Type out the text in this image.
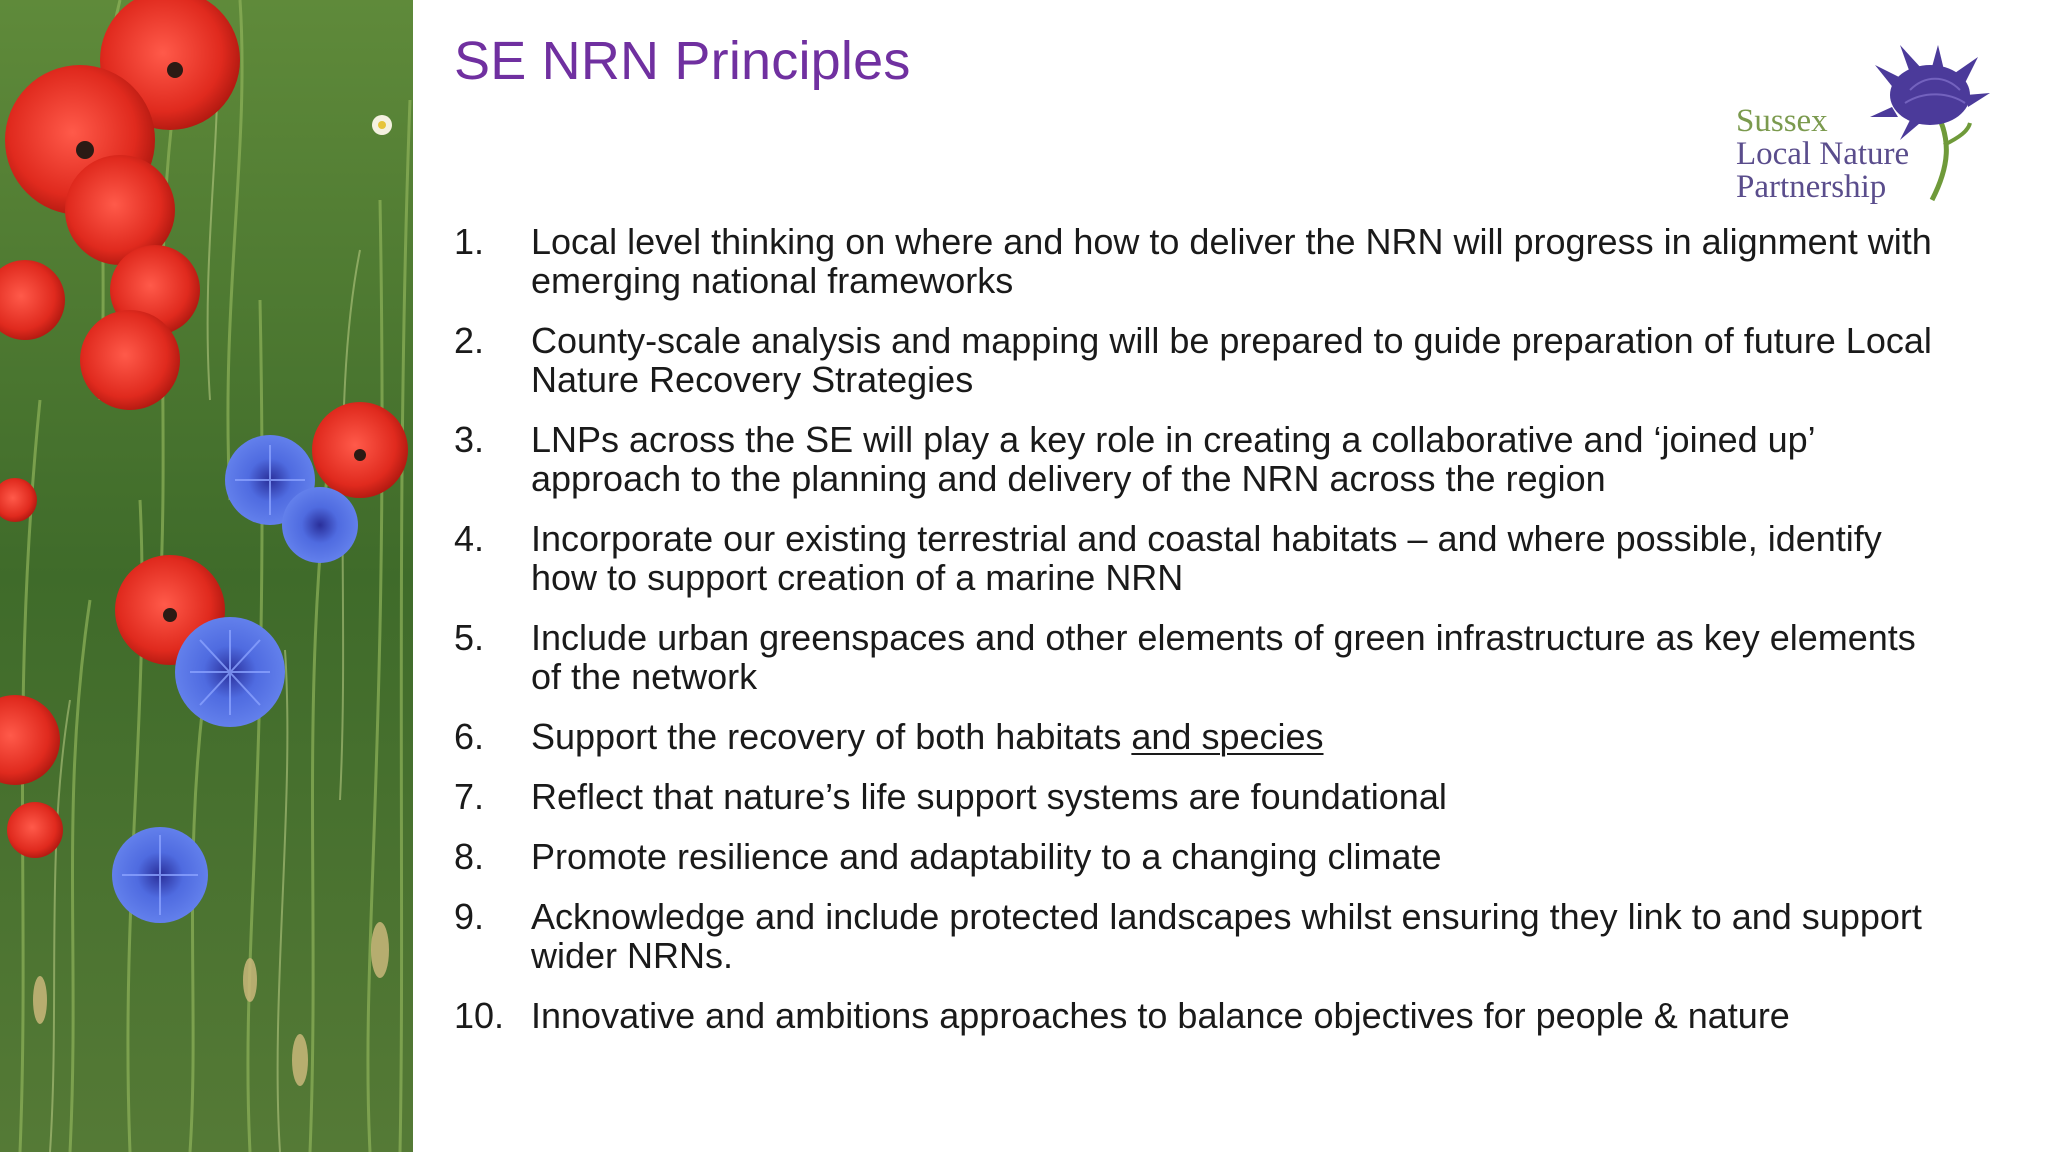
SE NRN Principles
Sussex
Local Nature
Partnership
1. Local level thinking on where and how to deliver the NRN will progress in alignment with emerging national frameworks
2. County-scale analysis and mapping will be prepared to guide preparation of future Local Nature Recovery Strategies
3. LNPs across the SE will play a key role in creating a collaborative and ‘joined up’ approach to the planning and delivery of the NRN across the region
4. Incorporate our existing terrestrial and coastal habitats – and where possible, identify how to support creation of a marine NRN
5. Include urban greenspaces and other elements of green infrastructure as key elements of the network
6. Support the recovery of both habitats and species
7. Reflect that nature’s life support systems are foundational
8. Promote resilience and adaptability to a changing climate
9. Acknowledge and include protected landscapes whilst ensuring they link to and support wider NRNs.
10. Innovative and ambitions approaches to balance objectives for people & nature
